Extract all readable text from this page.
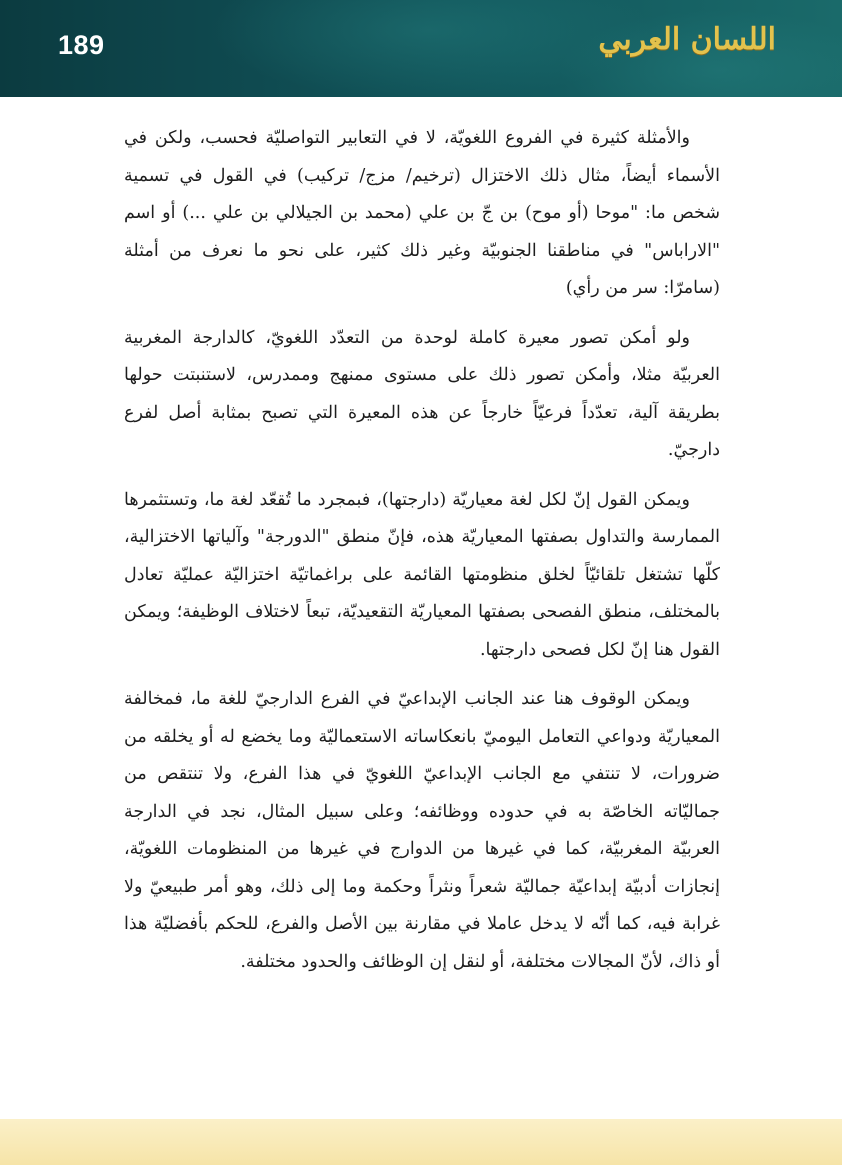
189	اللسان العربي

والأمثلة كثيرة في الفروع اللغويّة، لا في التعابير التواصليّة فحسب، ولكن في الأسماء أيضاً، مثال ذلك الاختزال (ترخيم/ مزج/ تركيب) في القول في تسمية شخص ما: "موحا (أو موح) بن جّ بن علي (محمد بن الجيلالي بن علي ...) أو اسم "الاراباس" في مناطقنا الجنوبيّة وغير ذلك كثير، على نحو ما نعرف من أمثلة (سامرّا: سر من رأي)

ولو أمكن تصور معيرة كاملة لوحدة من التعدّد اللغويّ، كالدارجة المغربية العربيّة مثلا، وأمكن تصور ذلك على مستوى ممنهج وممدرس، لاستنبتت حولها بطريقة آلية، تعدّداً فرعيّاً خارجاً عن هذه المعيرة التي تصبح بمثابة أصل لفرع دارجيّ.

ويمكن القول إنّ لكل لغة معياريّة (دارجتها)، فبمجرد ما تُقعّد لغة ما، وتستثمرها الممارسة والتداول بصفتها المعياريّة هذه، فإنّ منطق "الدورجة" وآلياتها الاختزالية، كلّها تشتغل تلقائيّاً لخلق منظومتها القائمة على براغماتيّة اختزاليّة عمليّة تعادل بالمختلف، منطق الفصحى بصفتها المعياريّة التقعيديّة، تبعاً لاختلاف الوظيفة؛ ويمكن القول هنا إنّ لكل فصحى دارجتها.

ويمكن الوقوف هنا عند الجانب الإبداعيّ في الفرع الدارجيّ للغة ما، فمخالفة المعياريّة ودواعي التعامل اليوميّ بانعكاساته الاستعماليّة وما يخضع له أو يخلقه من ضرورات، لا تنتفي مع الجانب الإبداعيّ اللغويّ في هذا الفرع، ولا تنتقص من جماليّاته الخاصّة به في حدوده ووظائفه؛ وعلى سبيل المثال، نجد في الدارجة العربيّة المغربيّة، كما في غيرها من الدوارج في غيرها من المنظومات اللغويّة، إنجازات أدبيّة إبداعيّة جماليّة شعراً ونثراً وحكمة وما إلى ذلك، وهو أمر طبيعيّ ولا غرابة فيه، كما أنّه لا يدخل عاملا في مقارنة بين الأصل والفرع، للحكم بأفضليّة هذا أو ذاك، لأنّ المجالات مختلفة، أو لنقل إن الوظائف والحدود مختلفة.
